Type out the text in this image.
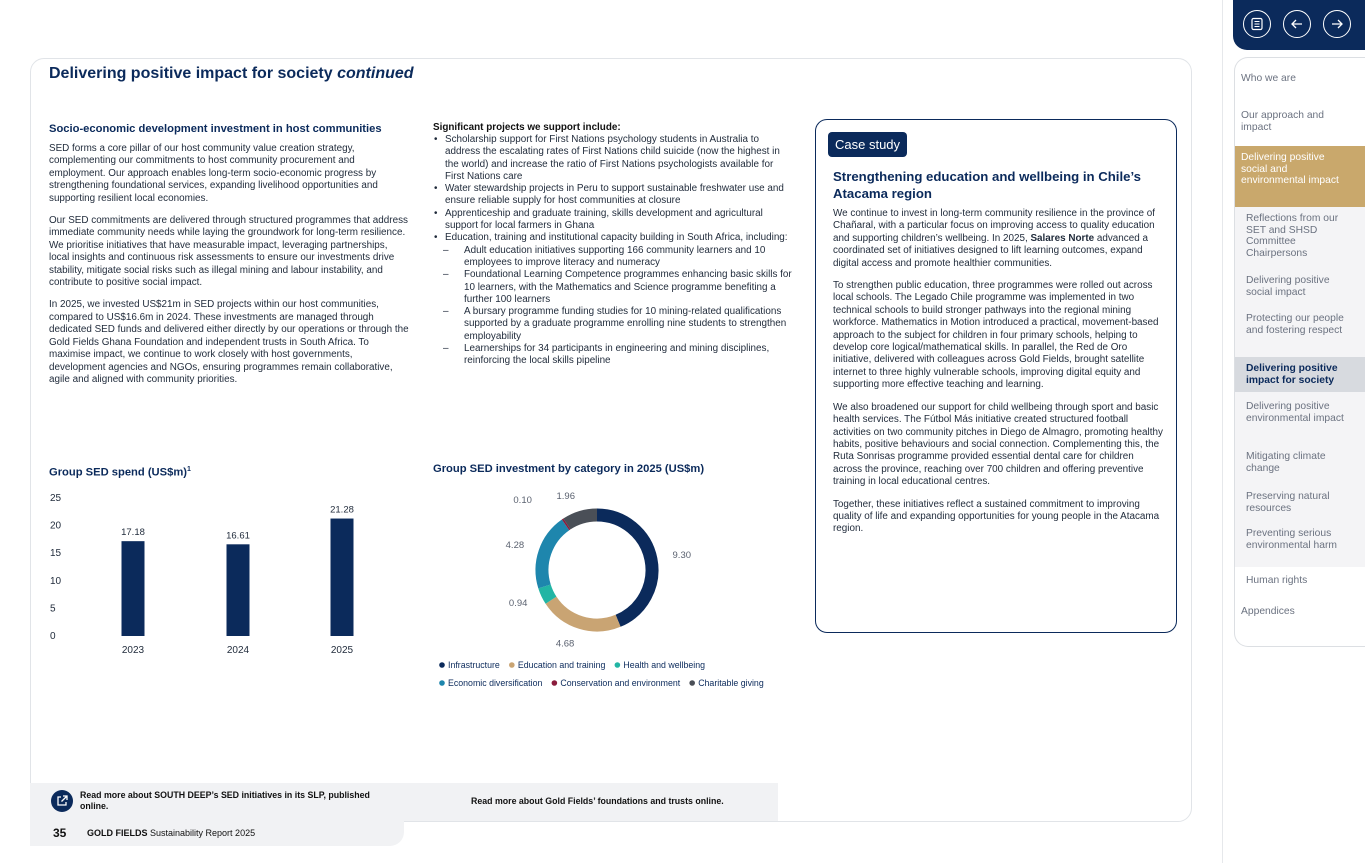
Delivering positive impact for society continued
Socio-economic development investment in host communities

SED forms a core pillar of our host community value creation strategy, complementing our commitments to host community procurement and employment. Our approach enables long-term socio-economic progress by strengthening foundational services, expanding livelihood opportunities and supporting resilient local economies.

Our SED commitments are delivered through structured programmes that address immediate community needs while laying the groundwork for long-term resilience. We prioritise initiatives that have measurable impact, leveraging partnerships, local insights and continuous risk assessments to ensure our investments drive stability, mitigate social risks such as illegal mining and labour instability, and contribute to positive social impact.

In 2025, we invested US$21m in SED projects within our host communities, compared to US$16.6m in 2024. These investments are managed through dedicated SED funds and delivered either directly by our operations or through the Gold Fields Ghana Foundation and independent trusts in South Africa. To maximise impact, we continue to work closely with host governments, development agencies and NGOs, ensuring programmes remain collaborative, agile and aligned with community priorities.

Group SED spend (US$m)$^1$
0
5
10
15
20
25
17.18
2023
16.61
2024
21.28
2025
Significant projects we support include:
• Scholarship support for First Nations psychology students in Australia to address the escalating rates of First Nations child suicide (now the highest in the world) and increase the ratio of First Nations psychologists available for First Nations care
• Water stewardship projects in Peru to support sustainable freshwater use and ensure reliable supply for host communities at closure
• Apprenticeship and graduate training, skills development and agricultural support for local farmers in Ghana
• Education, training and institutional capacity building in South Africa, including:
– Adult education initiatives supporting 166 community learners and 10 employees to improve literacy and numeracy
– Foundational Learning Competence programmes enhancing basic skills for 10 learners, with the Mathematics and Science programme benefiting a further 100 learners
– A bursary programme funding studies for 10 mining-related qualifications supported by a graduate programme enrolling nine students to strengthen employability
– Learnerships for 34 participants in engineering and mining disciplines, reinforcing the local skills pipeline
Group SED investment by category in 2025 (US$m)
9.30
4.68
0.94
4.28
0.10	1.96
Infrastructure Education and training Health and wellbeing
Economic diversification Conservation and environment Charitable giving
Case study
Strengthening education and wellbeing in Chile’s Atacama region

We continue to invest in long-term community resilience in the province of Chañaral, with a particular focus on improving access to quality education and supporting children’s wellbeing. In 2025, Salares Norte advanced a coordinated set of initiatives designed to lift learning outcomes, expand digital access and promote healthier communities.

To strengthen public education, three programmes were rolled out across local schools. The Legado Chile programme was implemented in two technical schools to build stronger pathways into the regional mining workforce. Mathematics in Motion introduced a practical, movement-based approach to the subject for children in four primary schools, helping to develop core logical/mathematical skills. In parallel, the Red de Oro initiative, delivered with colleagues across Gold Fields, brought satellite internet to three highly vulnerable schools, improving digital equity and supporting more effective teaching and learning.

We also broadened our support for child wellbeing through sport and basic health services. The Fútbol Más initiative created structured football activities on two community pitches in Diego de Almagro, promoting healthy habits, positive behaviours and social connection. Complementing this, the Ruta Sonrisas programme provided essential dental care for children across the province, reaching over 700 children and offering preventive training in local educational centres.

Together, these initiatives reflect a sustained commitment to improving quality of life and expanding opportunities for young people in the Atacama region.

Read more about SOUTH DEEP’s SED initiatives in its SLP, published online.	Read more about Gold Fields’ foundations and trusts online.
35 GOLD FIELDS Sustainability Report 2025
Who we are
Our approach and impact
Delivering positive social and environmental impact
Reflections from our SET and SHSD Committee Chairpersons
Delivering positive social impact
Protecting our people and fostering respect
Delivering positive impact for society
Delivering positive environmental impact
Mitigating climate change
Preserving natural resources
Preventing serious environmental harm
Human rights
Appendices
